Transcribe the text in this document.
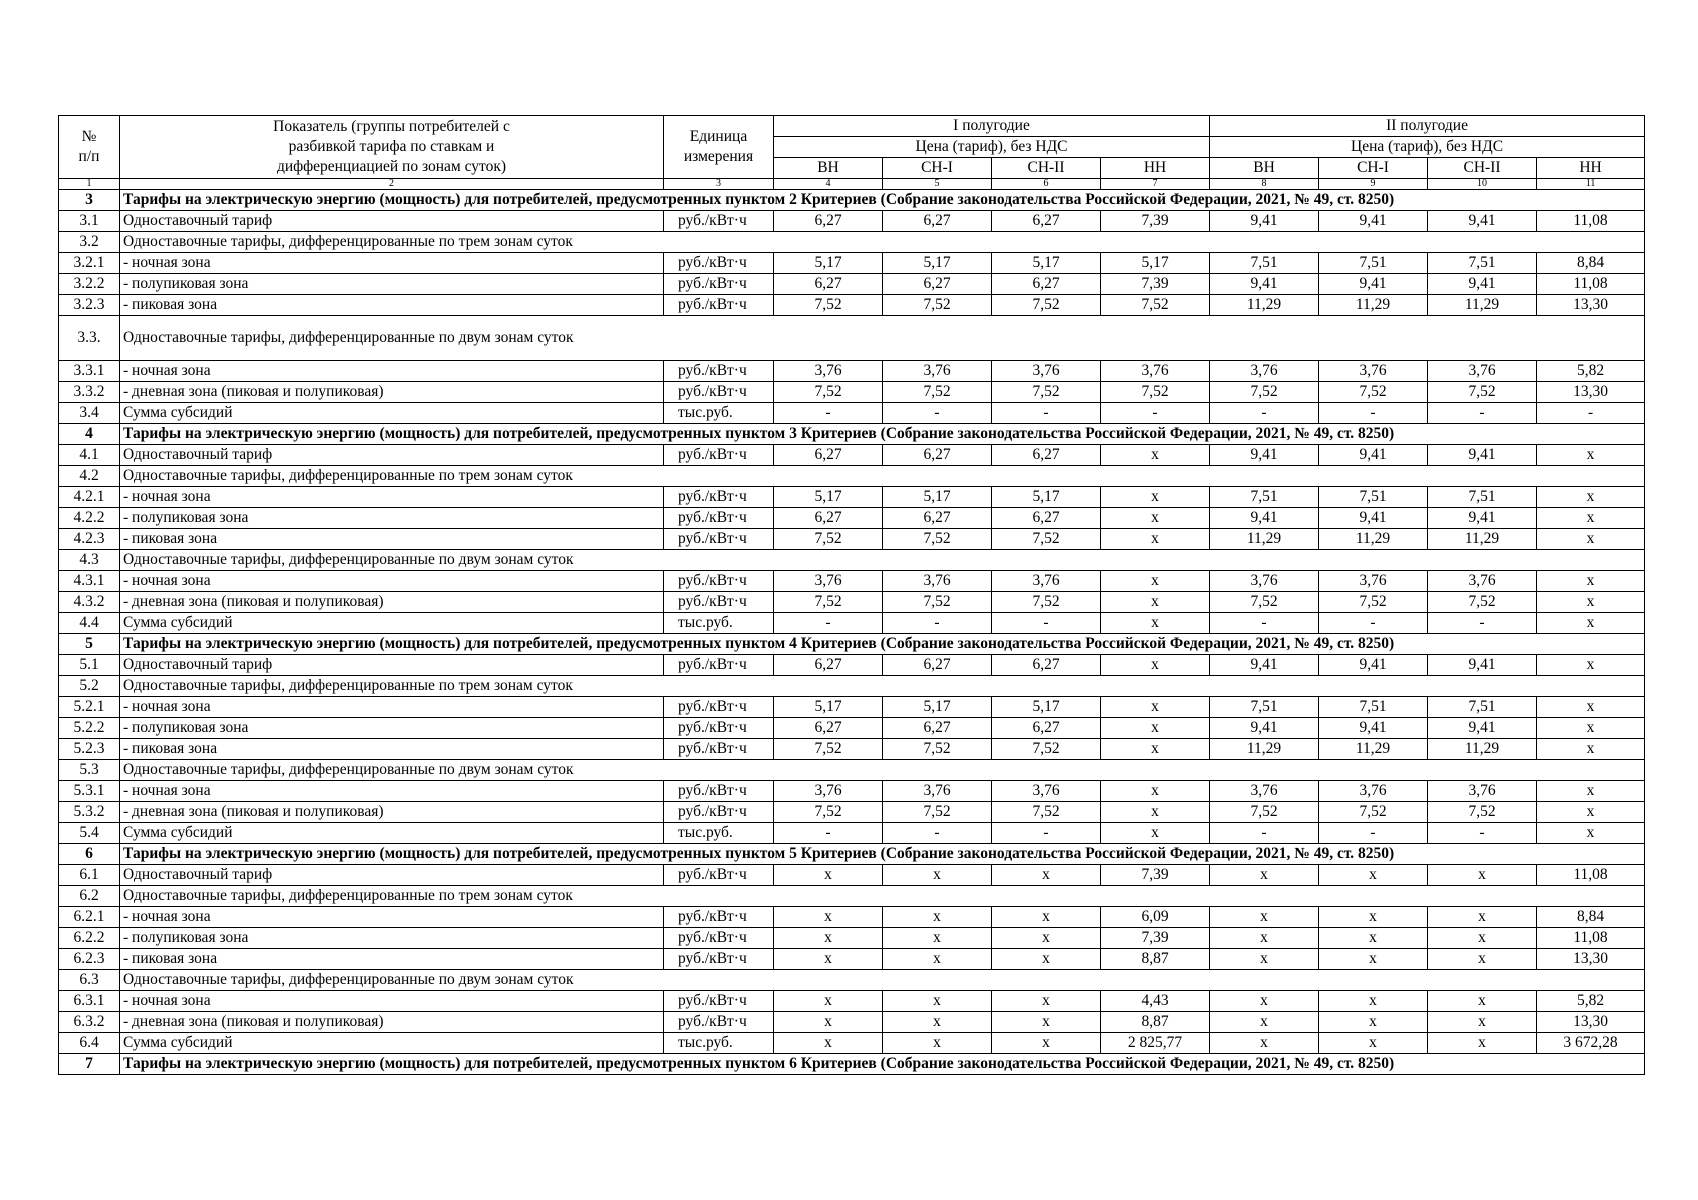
№
п/п	Показатель (группы потребителей с разбивкой тарифа по ставкам и дифференциацией по зонам суток)	Единица измерения	I полугодие				II полугодие			
			Цена (тариф), без НДС				Цена (тариф), без НДС			
			ВН	СН-I	СН-II	НН	ВН	СН-I	СН-II	НН
1	2	3	4	5	6	7	8	9	10	11
3	Тарифы на электрическую энергию (мощность) для потребителей, предусмотренных пунктом 2 Критериев (Собрание законодательства Российской Федерации, 2021, № 49, ст. 8250)									
3.1	Одноставочный тариф	руб./кВт·ч	6,27	6,27	6,27	7,39	9,41	9,41	9,41	11,08
3.2	Одноставочные тарифы, дифференцированные по трем зонам суток									
3.2.1	- ночная зона	руб./кВт·ч	5,17	5,17	5,17	5,17	7,51	7,51	7,51	8,84
3.2.2	- полупиковая зона	руб./кВт·ч	6,27	6,27	6,27	7,39	9,41	9,41	9,41	11,08
3.2.3	- пиковая зона	руб./кВт·ч	7,52	7,52	7,52	7,52	11,29	11,29	11,29	13,30
3.3.	Одноставочные тарифы, дифференцированные по двум зонам суток									
3.3.1	- ночная зона	руб./кВт·ч	3,76	3,76	3,76	3,76	3,76	3,76	3,76	5,82
3.3.2	- дневная зона (пиковая и полупиковая)	руб./кВт·ч	7,52	7,52	7,52	7,52	7,52	7,52	7,52	13,30
3.4	Сумма субсидий	тыс.руб.	-	-	-	-	-	-	-	-
4	Тарифы на электрическую энергию (мощность) для потребителей, предусмотренных пунктом 3 Критериев (Собрание законодательства Российской Федерации, 2021, № 49, ст. 8250)									
4.1	Одноставочный тариф	руб./кВт·ч	6,27	6,27	6,27	x	9,41	9,41	9,41	x
4.2	Одноставочные тарифы, дифференцированные по трем зонам суток									
4.2.1	- ночная зона	руб./кВт·ч	5,17	5,17	5,17	x	7,51	7,51	7,51	x
4.2.2	- полупиковая зона	руб./кВт·ч	6,27	6,27	6,27	x	9,41	9,41	9,41	x
4.2.3	- пиковая зона	руб./кВт·ч	7,52	7,52	7,52	x	11,29	11,29	11,29	x
4.3	Одноставочные тарифы, дифференцированные по двум зонам суток									
4.3.1	- ночная зона	руб./кВт·ч	3,76	3,76	3,76	x	3,76	3,76	3,76	x
4.3.2	- дневная зона (пиковая и полупиковая)	руб./кВт·ч	7,52	7,52	7,52	x	7,52	7,52	7,52	x
4.4	Сумма субсидий	тыс.руб.	-	-	-	x	-	-	-	x
5	Тарифы на электрическую энергию (мощность) для потребителей, предусмотренных пунктом 4 Критериев (Собрание законодательства Российской Федерации, 2021, № 49, ст. 8250)									
5.1	Одноставочный тариф	руб./кВт·ч	6,27	6,27	6,27	x	9,41	9,41	9,41	x
5.2	Одноставочные тарифы, дифференцированные по трем зонам суток									
5.2.1	- ночная зона	руб./кВт·ч	5,17	5,17	5,17	x	7,51	7,51	7,51	x
5.2.2	- полупиковая зона	руб./кВт·ч	6,27	6,27	6,27	x	9,41	9,41	9,41	x
5.2.3	- пиковая зона	руб./кВт·ч	7,52	7,52	7,52	x	11,29	11,29	11,29	x
5.3	Одноставочные тарифы, дифференцированные по двум зонам суток									
5.3.1	- ночная зона	руб./кВт·ч	3,76	3,76	3,76	x	3,76	3,76	3,76	x
5.3.2	- дневная зона (пиковая и полупиковая)	руб./кВт·ч	7,52	7,52	7,52	x	7,52	7,52	7,52	x
5.4	Сумма субсидий	тыс.руб.	-	-	-	x	-	-	-	x
6	Тарифы на электрическую энергию (мощность) для потребителей, предусмотренных пунктом 5 Критериев (Собрание законодательства Российской Федерации, 2021, № 49, ст. 8250)									
6.1	Одноставочный тариф	руб./кВт·ч	x	x	x	7,39	x	x	x	11,08
6.2	Одноставочные тарифы, дифференцированные по трем зонам суток									
6.2.1	- ночная зона	руб./кВт·ч	x	x	x	6,09	x	x	x	8,84
6.2.2	- полупиковая зона	руб./кВт·ч	x	x	x	7,39	x	x	x	11,08
6.2.3	- пиковая зона	руб./кВт·ч	x	x	x	8,87	x	x	x	13,30
6.3	Одноставочные тарифы, дифференцированные по двум зонам суток									
6.3.1	- ночная зона	руб./кВт·ч	x	x	x	4,43	x	x	x	5,82
6.3.2	- дневная зона (пиковая и полупиковая)	руб./кВт·ч	x	x	x	8,87	x	x	x	13,30
6.4	Сумма субсидий	тыс.руб.	x	x	x	2 825,77	x	x	x	3 672,28
7	Тарифы на электрическую энергию (мощность) для потребителей, предусмотренных пунктом 6 Критериев (Собрание законодательства Российской Федерации, 2021, № 49, ст. 8250)									
